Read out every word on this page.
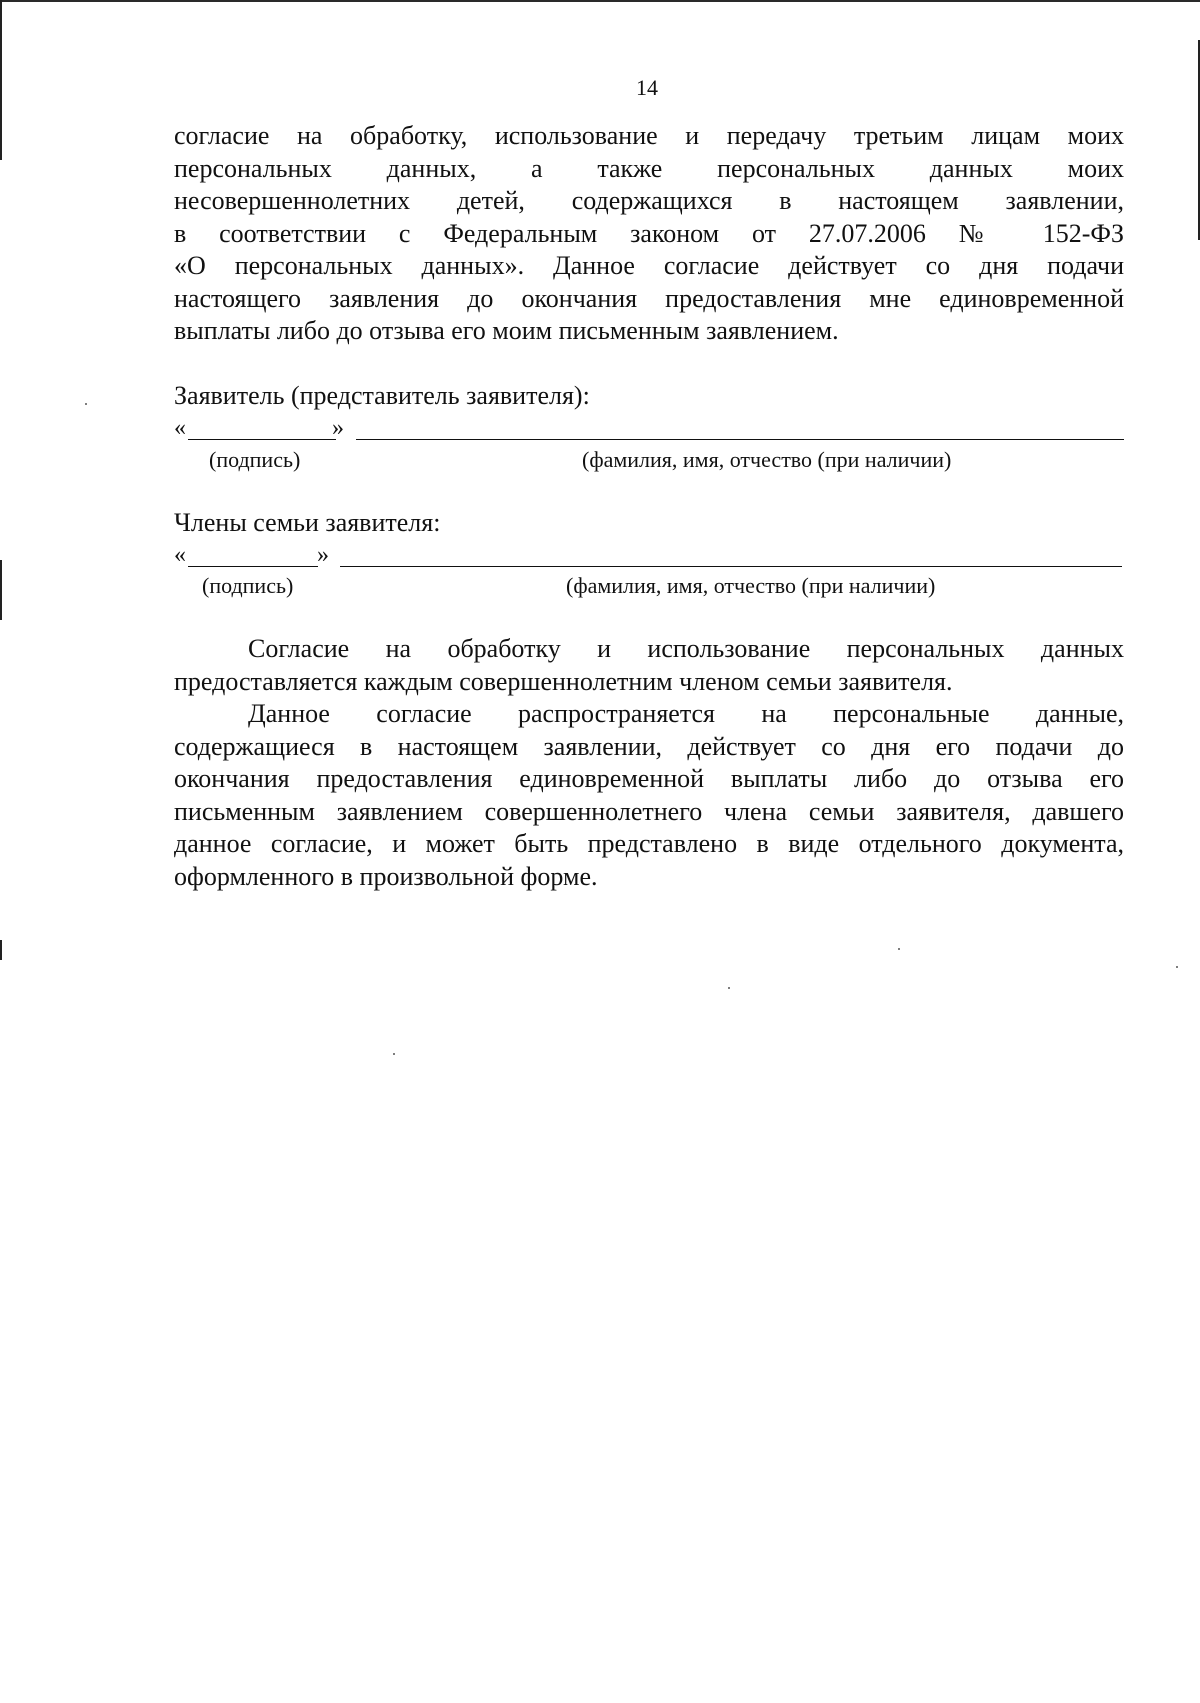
14

согласие на обработку, использование и передачу третьим лицам моих
персональных данных, а также персональных данных моих
несовершеннолетних детей, содержащихся в настоящем заявлении,
в соответствии с Федеральным законом от 27.07.2006 № 152-ФЗ
«О персональных данных». Данное согласие действует со дня подачи
настоящего заявления до окончания предоставления мне единовременной
выплаты либо до отзыва его моим письменным заявлением.

Заявитель (представитель заявителя):
«	»
(подпись)	(фамилия, имя, отчество (при наличии)
Члены семьи заявителя:
«	»
(подпись)	(фамилия, имя, отчество (при наличии)

Согласие на обработку и использование персональных данных
предоставляется каждым совершеннолетним членом семьи заявителя.

Данное согласие распространяется на персональные данные,
содержащиеся в настоящем заявлении, действует со дня его подачи до
окончания предоставления единовременной выплаты либо до отзыва его
письменным заявлением совершеннолетнего члена семьи заявителя, давшего
данное согласие, и может быть представлено в виде отдельного документа,
оформленного в произвольной форме.
